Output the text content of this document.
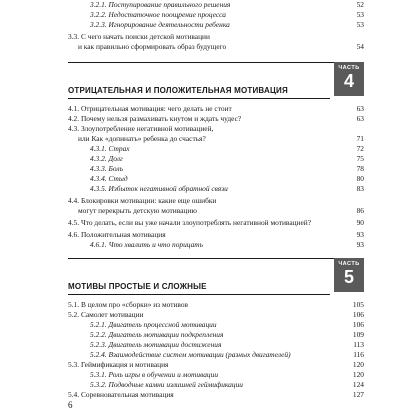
3.2.1. Поступирование правильного решения	52
3.2.2. Недостаточное поощрение процесса	53
3.2.3. Игнорирование деятельности ребенка	53
3.3. С чего начать поиски детской мотивации
и как правильно сформировать образ будущего	54
ОТРИЦАТЕЛЬНАЯ И ПОЛОЖИТЕЛЬНАЯ МОТИВАЦИЯ
ЧАСТЬ
4
4.1. Отрицательная мотивация: чего делать не стоит	63
4.2. Почему нельзя размахивать кнутом и ждать чудес?	63
4.3. Злоупотребление негативной мотивацией,
или Как «допинать» ребенка до счастья?	71
4.3.1. Страх	72
4.3.2. Долг	75
4.3.3. Боль	78
4.3.4. Стыд	80
4.3.5. Избыток негативной обратной связи	83
4.4. Блокировки мотивации: какие еще ошибки
могут перекрыть детскую мотивацию	86
4.5. Что делать, если вы уже начали злоупотреблять негативной мотивацией?	90
4.6. Положительная мотивация	93
4.6.1. Что хвалить и что порицать	93
МОТИВЫ ПРОСТЫЕ И СЛОЖНЫЕ
ЧАСТЬ
5
5.1. В целом про «сборки» из мотивов	105
5.2. Самолет мотивации	106
5.2.1. Двигатель процессной мотивации	106
5.2.2. Двигатель мотивации подкрепления	109
5.2.3. Двигатель мотивации достижения	113
5.2.4. Взаимодействие систем мотивации (разных двигателей)	116
5.3. Геймификация и мотивация	120
5.3.1. Роль игры в обучении и мотивации	120
5.3.2. Подводные камни излишней геймификации	124
5.4. Соревновательная мотивация	127
6
